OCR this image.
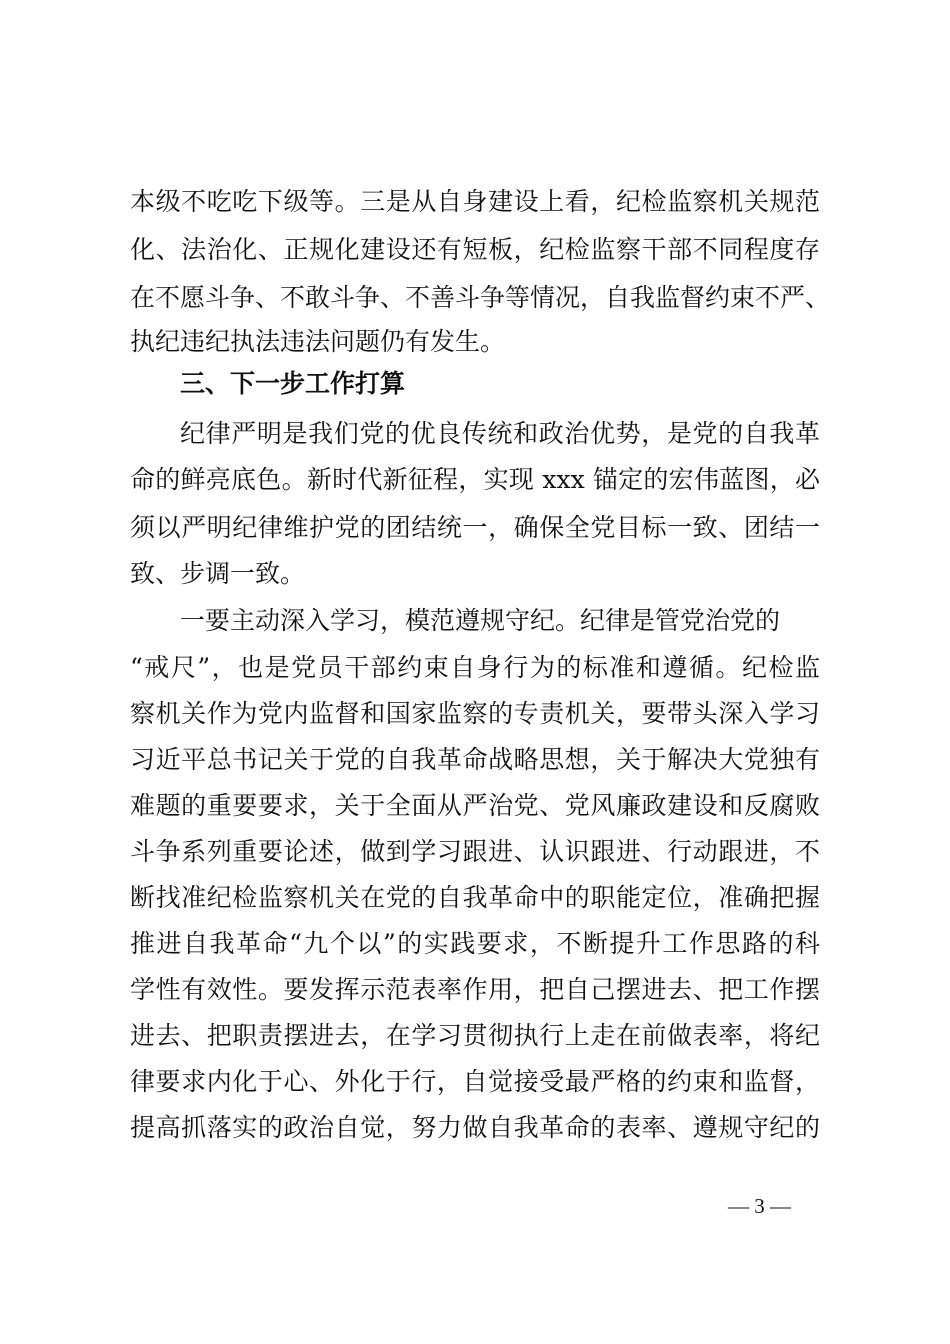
本级不吃吃下级等。三是从自身建设上看，纪检监察机关规范
化、法治化、正规化建设还有短板，纪检监察干部不同程度存
在不愿斗争、不敢斗争、不善斗争等情况，自我监督约束不严、
执纪违纪执法违法问题仍有发生。
三、下一步工作打算
纪律严明是我们党的优良传统和政治优势，是党的自我革
命的鲜亮底色。新时代新征程，实现 xxx 锚定的宏伟蓝图，必
须以严明纪律维护党的团结统一，确保全党目标一致、团结一
致、步调一致。
一要主动深入学习，模范遵规守纪。纪律是管党治党的
“戒尺”，也是党员干部约束自身行为的标准和遵循。纪检监
察机关作为党内监督和国家监察的专责机关，要带头深入学习
习近平总书记关于党的自我革命战略思想，关于解决大党独有
难题的重要要求，关于全面从严治党、党风廉政建设和反腐败
斗争系列重要论述，做到学习跟进、认识跟进、行动跟进，不
断找准纪检监察机关在党的自我革命中的职能定位，准确把握
推进自我革命“九个以”的实践要求，不断提升工作思路的科
学性有效性。要发挥示范表率作用，把自己摆进去、把工作摆
进去、把职责摆进去，在学习贯彻执行上走在前做表率，将纪
律要求内化于心、外化于行，自觉接受最严格的约束和监督，
提高抓落实的政治自觉，努力做自我革命的表率、遵规守纪的
— 3 —
